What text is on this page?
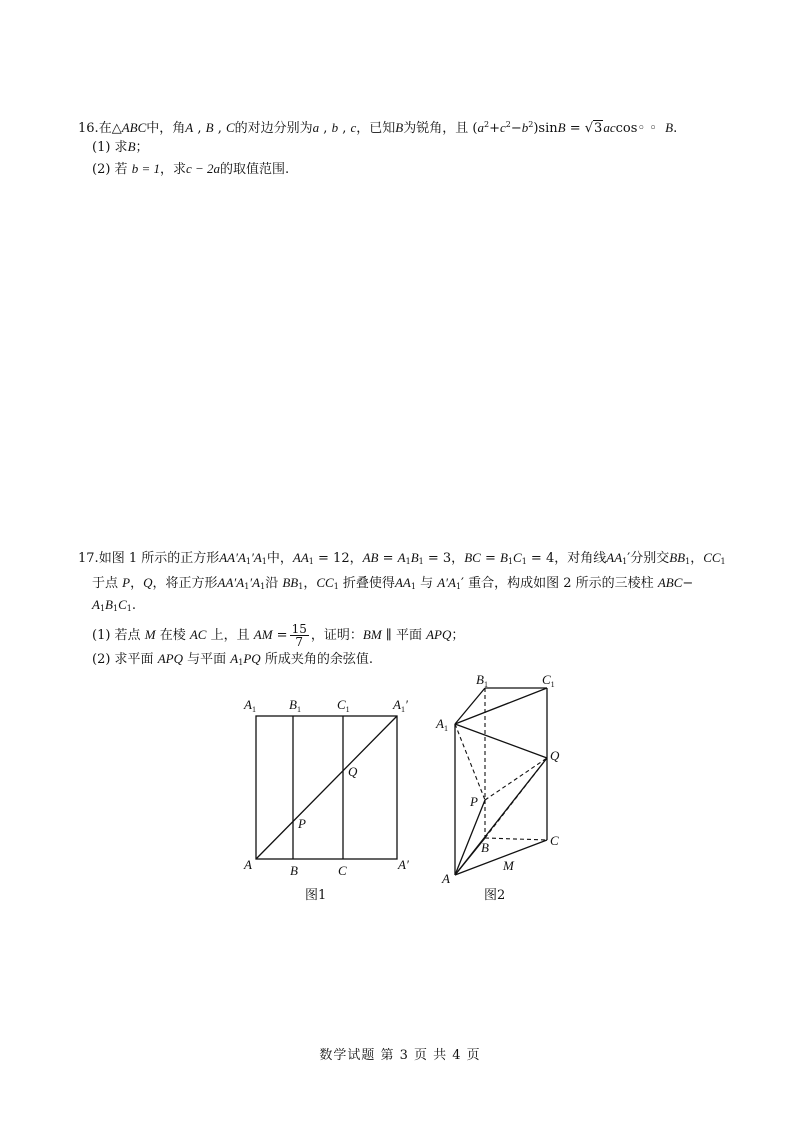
16.在△ABC中，角A , B , C的对边分别为a , b , c，已知B为锐角，且 $(a^2+c^2-b^2)\sin B$ = √3accos◦ ◦  B.
(1) 求B；
(2) 若 b = 1，求c − 2a的取值范围.
17.如图 1 所示的正方形$AA'A_1'A_1$中，$AA_1 = 12$，AB = $A_1B_1 = 3$，BC = $B_1C_1 = 4$，对角线$AA_1'$分别交$BB_1$，$CC_1$
于点 P，Q，将正方形$AA'A_1'A_1$沿 $BB_1$，$CC_1$ 折叠使得$AA_1$ 与 $A'A_1'$ 重合，构成如图 2 所示的三棱柱 ABC−
$A_1B_1C_1$.
(1) 若点 M 在棱 AC 上，且 AM = $\frac{15}{7}$ ，证明：BM ∥ 平面 APQ；
(2) 求平面 APQ 与平面 $A_1PQ$ 所成夹角的余弦值.
$A_1$	$B_1$	$C_1$	$A_1'$
A	B	C	A′
P
Q
图1
$B_1$	$C_1$
$A_1$
Q
P
B	C
M
A
图2
数学试题 第 3 页 共 4 页
